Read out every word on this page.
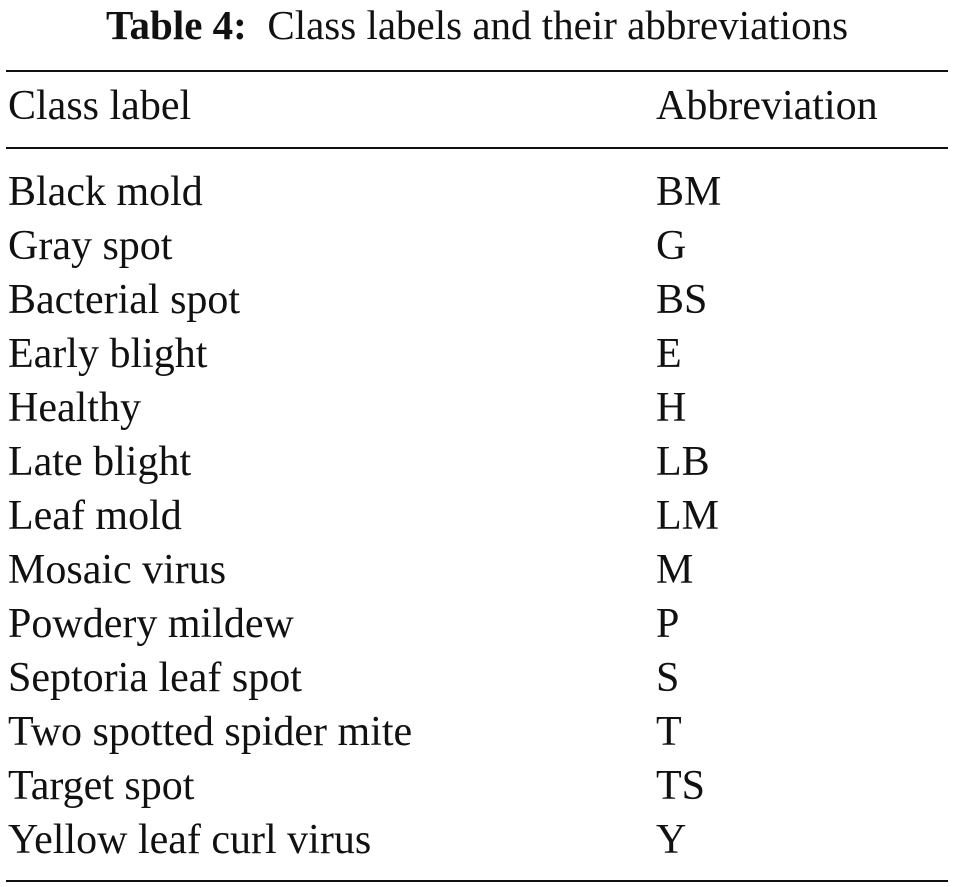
Table 4: Class labels and their abbreviations
Class label	Abbreviation
Black mold	BM
Gray spot	G
Bacterial spot	BS
Early blight	E
Healthy	H
Late blight	LB
Leaf mold	LM
Mosaic virus	M
Powdery mildew	P
Septoria leaf spot	S
Two spotted spider mite	T
Target spot	TS
Yellow leaf curl virus	Y
